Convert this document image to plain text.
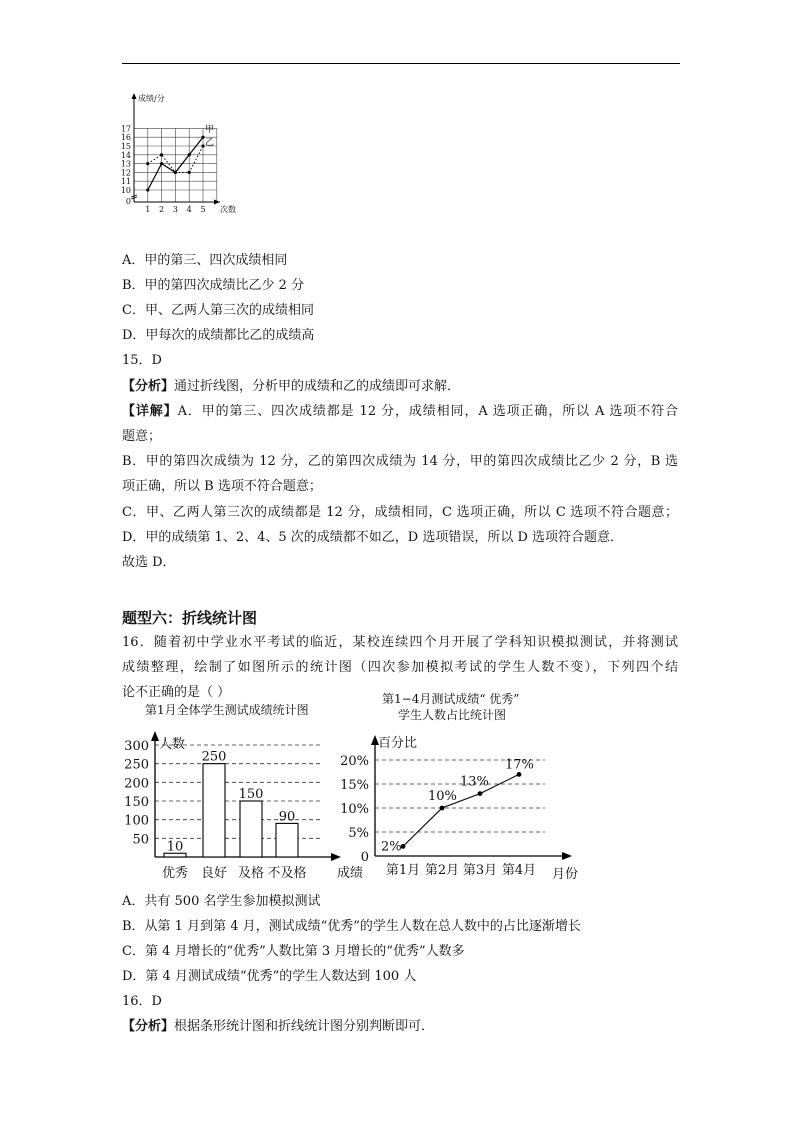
成绩/分
次数
0
10
11
12
13
14
15
16
17
1 2 3 4 5
甲
乙
A．甲的第三、四次成绩相同
B．甲的第四次成绩比乙少 2 分
C．甲、乙两人第三次的成绩相同
D．甲每次的成绩都比乙的成绩高
15．D
【分析】通过折线图，分析甲的成绩和乙的成绩即可求解．
【详解】A．甲的第三、四次成绩都是 12 分，成绩相同，A 选项正确，所以 A 选项不符合
题意；
B．甲的第四次成绩为 12 分，乙的第四次成绩为 14 分，甲的第四次成绩比乙少 2 分，B 选
项正确，所以 B 选项不符合题意；
C．甲、乙两人第三次的成绩都是 12 分，成绩相同，C 选项正确，所以 C 选项不符合题意；
D．甲的成绩第 1、2、4、5 次的成绩都不如乙，D 选项错误，所以 D 选项符合题意．
故选 D．
题型六：折线统计图
16．随着初中学业水平考试的临近，某校连续四个月开展了学科知识模拟测试，并将测试
成绩整理，绘制了如图所示的统计图（四次参加模拟考试的学生人数不变），下列四个结
论不正确的是（ ）
第1月全体学生测试成绩统计图
50
100
150
200
250
300 人数
成绩
10
优秀
250
良好
150
及格
90
不及格
第1−4月测试成绩“ 优秀”
学生人数占比统计图
5%
10%
15%
20%
0
百分比
月份
2%
第1月
10%
第2月
13%
第3月
17%
第4月
A．共有 500 名学生参加模拟测试
B．从第 1 月到第 4 月，测试成绩“优秀”的学生人数在总人数中的占比逐渐增长
C．第 4 月增长的“优秀”人数比第 3 月增长的“优秀”人数多
D．第 4 月测试成绩“优秀”的学生人数达到 100 人
16．D
【分析】根据条形统计图和折线统计图分别判断即可．
